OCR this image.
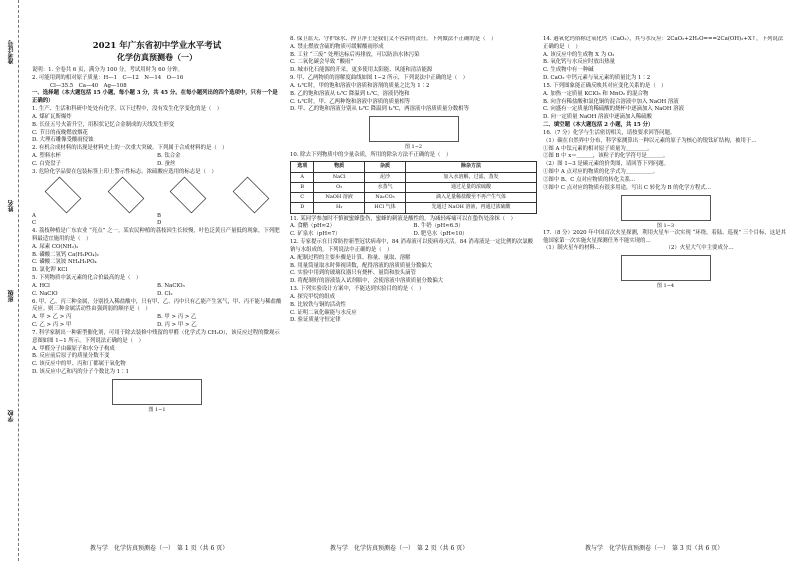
准考证号
姓名
班级
学校
2021 年广东省初中学业水平考试
化学仿真预测卷（一）

说明：1. 全卷共 6 页，满分为 100 分，考试用时为 60 分钟。

2. 可能用到的相对原子质量：H—1　C—12　N—14　O—16

Cl—35.5　Ca—40　Ag—108

一、选择题（本大题包括 15 小题，每小题 3 分，共 45 分。在每小题列出的四个选项中，只有一个是正确的）

1. 生产、生活和科研中处处有化学。以下过程中，没有发生化学变化的是（　）

A. 煤矿瓦斯爆炸

B. 长征五号火箭升空，用积状记忆合金制成的天线发生形变

C. 节日的夜晚燃放烟花

D. 大理石雕像受酸雨侵蚀

2. 有机合成材料的出现是材料史上的一次重大突破。下列属于合成材料的是（　）

A. 塑料水杯	B. 钛合金
C. 白瓷盘子	D. 蚕丝

3. 危险化学品要在包装标签上印上警示性标志。浓硫酸应选用的标志是（　）

A	B
C	D

4. 荔枝种植是广东农业 “亮点” 之一。某农民种植的荔枝因生长较慢，叶色泛黄且产量低的现象，下列肥料最适宜施用的是（　）

A. 尿素 CO(NH₂)₂

B. 磷酸二氢钙 Ca(H₂PO₄)₂

C. 磷酸二氢铵 NH₄H₂PO₄

D. 氯化钾 KCl

5. 下列物质中氯元素的化合价最高的是（　）

A. HCl	B. NaClO₃
C. NaClO	D. Cl₂

6. 甲、乙、丙三种金属，分别投入稀盐酸中，只有甲、乙、丙中只有乙能产生氢气，甲、丙不能与稀盐酸反应。则三种金属活动性由强到弱的顺序是（　）

A. 甲 > 乙 > 丙	B. 甲 > 丙 > 乙
C. 乙 > 丙 > 甲	D. 丙 > 甲 > 乙

7. 科学家制出一种新型催化剂，可用于除去装修中残留的甲醛（化学式为 CH₂O），该反应过程的微观示意图如图 1−1 所示，下列说法正确的是（　）

A. 甲醛分子由碳原子和水分子构成

B. 反应前后原子的质量分数不变

C. 该反应中的甲、丙和丁都属于氧化物

D. 该反应中乙和丙的分子个数比为 1∶1

图 1−1

8. 保卫蓝天、守护绿水、捍卫净土是我们义不容辞的责任。下列做法不正确的是（　）

A. 禁止燃放含硫的物质可缓解酸雨形成

B. 工业 “三废” 处理达标后再排放，可以防治水体污染

C. 二氧化碳会导致 “酸雨”

D. 城市化石能源的开采，更多使用太阳能、风能和清洁能源

9. 甲、乙两物质的溶解度曲线如图 1−2 所示，下列说法中正确的是（　）

A. t₁℃时，甲的饱和溶液中溶质和溶剂的质量之比为 1∶2

B. 乙的饱和溶液从 t₂℃ 降温到 t₁℃，溶液仍饱和

C. t₁℃时，甲、乙两种饱和溶液中溶质的质量相等

D. 甲、乙的饱和溶液分别从 t₂℃ 降温到 t₁℃，两溶液中溶质质量分数相等

图 1−2

10. 除去下列物质中的少量杂质，所用的除杂方法不正确的是（　）

选项	物质	杂质	除杂方法
A	NaCl	泥沙	加入水溶解，过滤，蒸发
B	O₂	水蒸气	通过足量的浓硫酸
C	NaOH 溶液	Na₂CO₃	滴入足量稀盐酸至不再产生气体
D	H₂	HCl 气体	先通过 NaOH 溶液，再通过浓硫酸

11. 某同学参加时不慎被蜜蜂蛰伤，蜜蜂的刺液是酸性的。为减轻疼痛可以在蛰伤处涂抹（　）

A. 食醋（pH≈2）	B. 牛奶（pH≈6.5）
C. 矿泉水（pH≈7）	D. 肥皂水（pH≈10）

12. 专家提示在日常防控新型冠状病毒中，84 消毒液可以使病毒灭活。84 消毒液是一定比例的次氯酸钠与水组成的。下列说法中正确的是（　）

A. 配制过程的主要步骤是计算、称量、量取、溶解

B. 用量筒量取水时仰视读数，配得溶液的溶质质量分数偏大

C. 实验中用到的玻璃仪器只有烧杯、量筒和胶头滴管

D. 将配制好的溶液装入试剂瓶中，会使溶液中溶质质量分数偏大

13. 下列实验设计方案中，不能达到实验目的的是（　）

A. 探究甲烷的组成

B. 比较铁与铜的活动性

C. 证明二氧化碳能与水反应

D. 验证质量守恒定律

14. 過氧化钙俗称过氧化钙（CaO₂），其与水反应：2CaO₂+2H₂O===2Ca(OH)₂+X↑，下列说法正确的是（　）

A. 该反应中的生成物 X 为 O₂

B. 氧化钙与水反应时放出热量

C. 生成物中有一种碱

D. CaO₂ 中钙元素与氧元素的质量比为 1∶2

15. 下列图象能正确反映其对应变化关系的是（　）

A. 加热一定质量 KClO₃ 和 MnO₂ 的混合物

B. 向含有稀盐酸和氯化铜的混合溶液中加入 NaOH 溶液

C. 向盛有一定质量的稀硫酸的烧杯中逐滴加入 NaOH 溶液

D. 向一定质量 NaOH 溶液中逐滴加入稀硫酸

二、填空题（本大题包括 2 小题，共 15 分）

16.（7 分）化学与生活密切相关，请按要求回答问题。

（1）碳在自然界中分布，科学家测算出一种以元素的原子为核心的锐钛矿结构，被用于…

①图 A 中钛元素的相对原子质量为＿＿＿＿。

②图 B 中 x＝＿＿＿，该粒子的化学符号是＿＿＿。

（2）图 1−3 是碳元素的价类图，请回答下列问题。

①图中 A 点对应的物质的化学式为＿＿＿＿＿。

②图中 B、C 点对应物质的转化关系…

③图中 C 点对应的物质有很多用途，写出 C 转化为 B 的化学方程式…

图 1−3

17.（8 分）2020 年中国首次火星探测，利用火星车一次实现 “环绕、着陆、巡视” 三个目标，这是其他国家第一次实施火星探测任务不能实现的…

（1）制火星车的材料…	（2）火星大气中主要成分…
图 1−4
教与学　化学仿真预测卷（一）　第 1 页（共 6 页）	教与学　化学仿真预测卷（一）　第 2 页（共 6 页）	教与学　化学仿真预测卷（一）　第 3 页（共 6 页）
